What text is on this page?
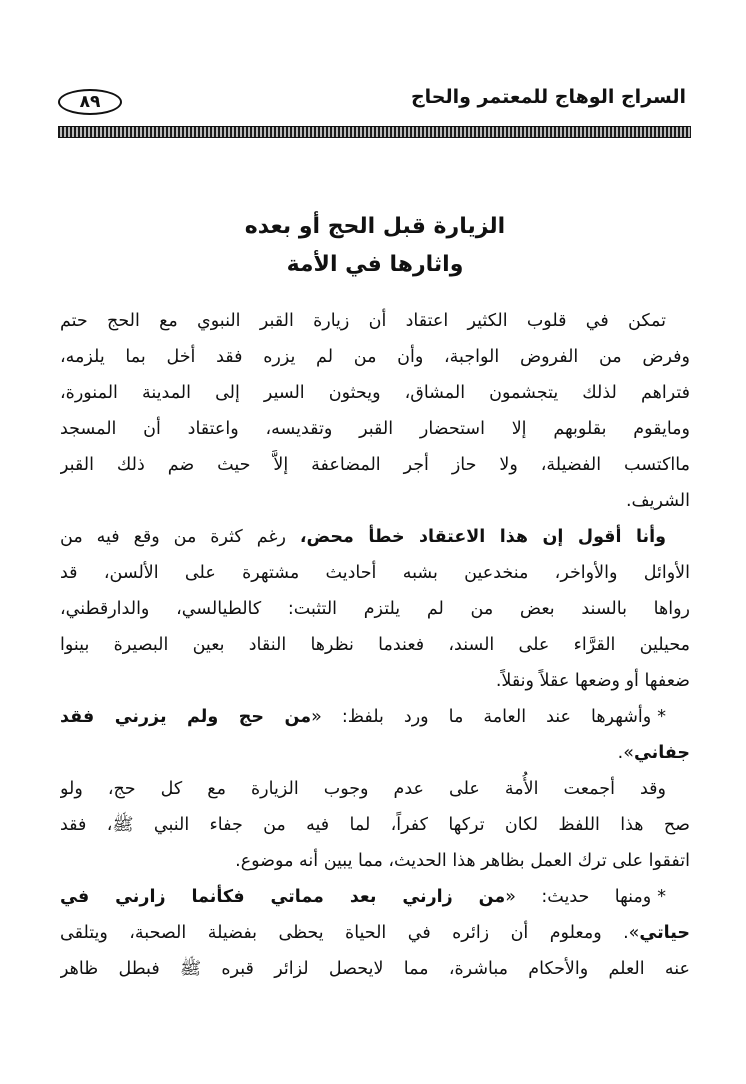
السراج الوهاج للمعتمر والحاج
٨٩
الزيارة قبل الحج أو بعده
واثارها في الأمة
تمكن في قلوب الكثير اعتقاد أن زيارة القبر النبوي مع الحج حتم
وفرض من الفروض الواجبة، وأن من لم يزره فقد أخل بما يلزمه،
فتراهم لذلك يتجشمون المشاق، ويحثون السير إلى المدينة المنورة،
ومايقوم بقلوبهم إلا استحضار القبر وتقديسه، واعتقاد أن المسجد
مااكتسب الفضيلة، ولا حاز أجر المضاعفة إلاَّ حيث ضم ذلك القبر
الشريف.
وأنا أقول إن هذا الاعتقاد خطأ محض، رغم كثرة من وقع فيه من
الأوائل والأواخر، منخدعين بشبه أحاديث مشتهرة على الألسن، قد
رواها بالسند بعض من لم يلتزم التثبت: كالطيالسي، والدارقطني،
محيلين القرَّاء على السند، فعندما نظرها النقاد بعين البصيرة بينوا
ضعفها أو وضعها عقلاً ونقلاً.
*وأشهرها عند العامة ما ورد بلفظ: «من حج ولم يزرني فقد
جفاني».
وقد أجمعت الأُمة على عدم وجوب الزيارة مع كل حج، ولو
صح هذا اللفظ لكان تركها كفراً، لما فيه من جفاء النبي ﷺ، فقد
اتفقوا على ترك العمل بظاهر هذا الحديث، مما يبين أنه موضوع.
*ومنها حديث: «من زارني بعد مماتي فكأنما زارني في
حياتي». ومعلوم أن زائره في الحياة يحظى بفضيلة الصحبة، ويتلقى
عنه العلم والأحكام مباشرة، مما لايحصل لزائر قبره ﷺ فبطل ظاهر
